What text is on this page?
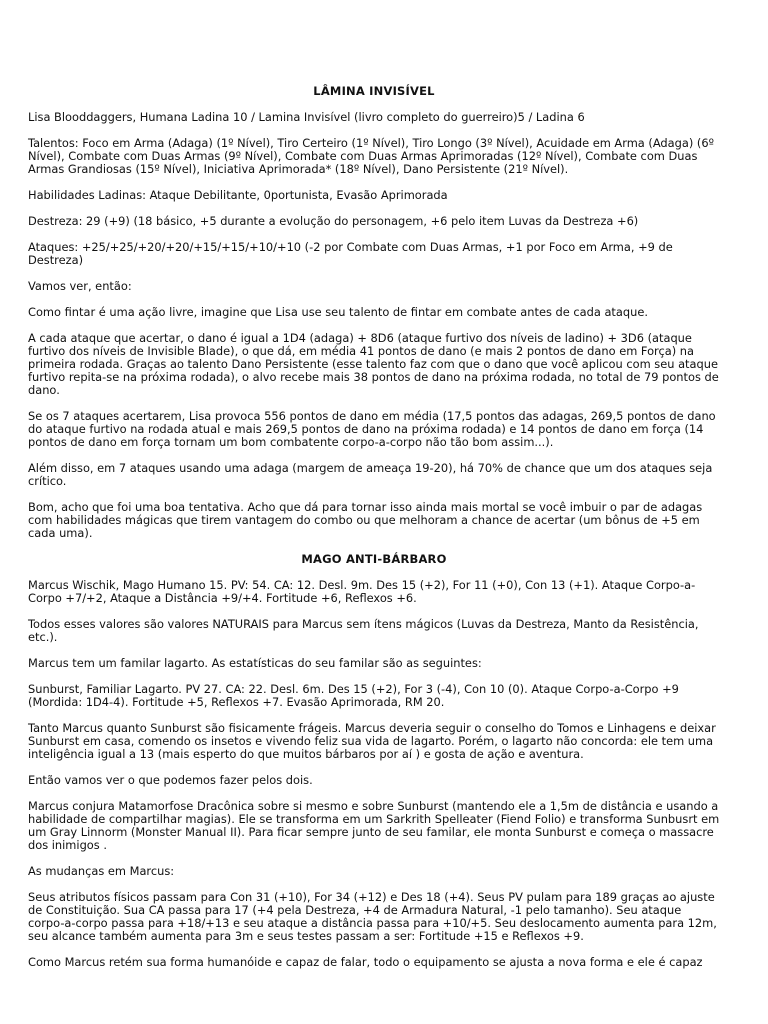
LÂMINA INVISÍVEL

Lisa Blooddaggers, Humana Ladina 10 / Lamina Invisível (livro completo do guerreiro)5 / Ladina 6

Talentos: Foco em Arma (Adaga) (1º Nível), Tiro Certeiro (1º Nível), Tiro Longo (3º Nível), Acuidade em Arma (Adaga) (6º Nível), Combate com Duas Armas (9º Nível), Combate com Duas Armas Aprimoradas (12º Nível), Combate com Duas Armas Grandiosas (15º Nível), Iniciativa Aprimorada* (18º Nível), Dano Persistente (21º Nível).

Habilidades Ladinas: Ataque Debilitante, 0portunista, Evasão Aprimorada

Destreza: 29 (+9) (18 básico, +5 durante a evolução do personagem, +6 pelo item Luvas da Destreza +6)

Ataques: +25/+25/+20/+20/+15/+15/+10/+10 (-2 por Combate com Duas Armas, +1 por Foco em Arma, +9 de Destreza)

Vamos ver, então:

Como fintar é uma ação livre, imagine que Lisa use seu talento de fintar em combate antes de cada ataque.

A cada ataque que acertar, o dano é igual a 1D4 (adaga) + 8D6 (ataque furtivo dos níveis de ladino) + 3D6 (ataque furtivo dos níveis de Invisible Blade), o que dá, em média 41 pontos de dano (e mais 2 pontos de dano em Força) na primeira rodada. Graças ao talento Dano Persistente (esse talento faz com que o dano que você aplicou com seu ataque furtivo repita-se na próxima rodada), o alvo recebe mais 38 pontos de dano na próxima rodada, no total de 79 pontos de dano.

Se os 7 ataques acertarem, Lisa provoca 556 pontos de dano em média (17,5 pontos das adagas, 269,5 pontos de dano do ataque furtivo na rodada atual e mais 269,5 pontos de dano na próxima rodada) e 14 pontos de dano em força (14 pontos de dano em força tornam um bom combatente corpo-a-corpo não tão bom assim...).

Além disso, em 7 ataques usando uma adaga (margem de ameaça 19-20), há 70% de chance que um dos ataques seja crítico.

Bom, acho que foi uma boa tentativa. Acho que dá para tornar isso ainda mais mortal se você imbuir o par de adagas com habilidades mágicas que tirem vantagem do combo ou que melhoram a chance de acertar (um bônus de +5 em cada uma).

MAGO ANTI-BÁRBARO

Marcus Wischik, Mago Humano 15. PV: 54. CA: 12. Desl. 9m. Des 15 (+2), For 11 (+0), Con 13 (+1). Ataque Corpo-a-Corpo +7/+2, Ataque a Distância +9/+4. Fortitude +6, Reflexos +6.

Todos esses valores são valores NATURAIS para Marcus sem ítens mágicos (Luvas da Destreza, Manto da Resistência, etc.).

Marcus tem um familar lagarto. As estatísticas do seu familar são as seguintes:

Sunburst, Familiar Lagarto. PV 27. CA: 22. Desl. 6m. Des 15 (+2), For 3 (-4), Con 10 (0). Ataque Corpo-a-Corpo +9 (Mordida: 1D4-4). Fortitude +5, Reflexos +7. Evasão Aprimorada, RM 20.

Tanto Marcus quanto Sunburst são fisicamente frágeis. Marcus deveria seguir o conselho do Tomos e Linhagens e deixar Sunburst em casa, comendo os insetos e vivendo feliz sua vida de lagarto. Porém, o lagarto não concorda: ele tem uma inteligência igual a 13 (mais esperto do que muitos bárbaros por aí ) e gosta de ação e aventura.

Então vamos ver o que podemos fazer pelos dois.

Marcus conjura Matamorfose Dracônica sobre si mesmo e sobre Sunburst (mantendo ele a 1,5m de distância e usando a habilidade de compartilhar magias). Ele se transforma em um Sarkrith Spelleater (Fiend Folio) e transforma Sunbusrt em um Gray Linnorm (Monster Manual II). Para ficar sempre junto de seu familar, ele monta Sunburst e começa o massacre dos inimigos .

As mudanças em Marcus:

Seus atributos físicos passam para Con 31 (+10), For 34 (+12) e Des 18 (+4). Seus PV pulam para 189 graças ao ajuste de Constituição. Sua CA passa para 17 (+4 pela Destreza, +4 de Armadura Natural, -1 pelo tamanho). Seu ataque corpo-a-corpo passa para +18/+13 e seu ataque a distância passa para +10/+5. Seu deslocamento aumenta para 12m, seu alcance também aumenta para 3m e seus testes passam a ser: Fortitude +15 e Reflexos +9.

Como Marcus retém sua forma humanóide e capaz de falar, todo o equipamento se ajusta a nova forma e ele é capaz
